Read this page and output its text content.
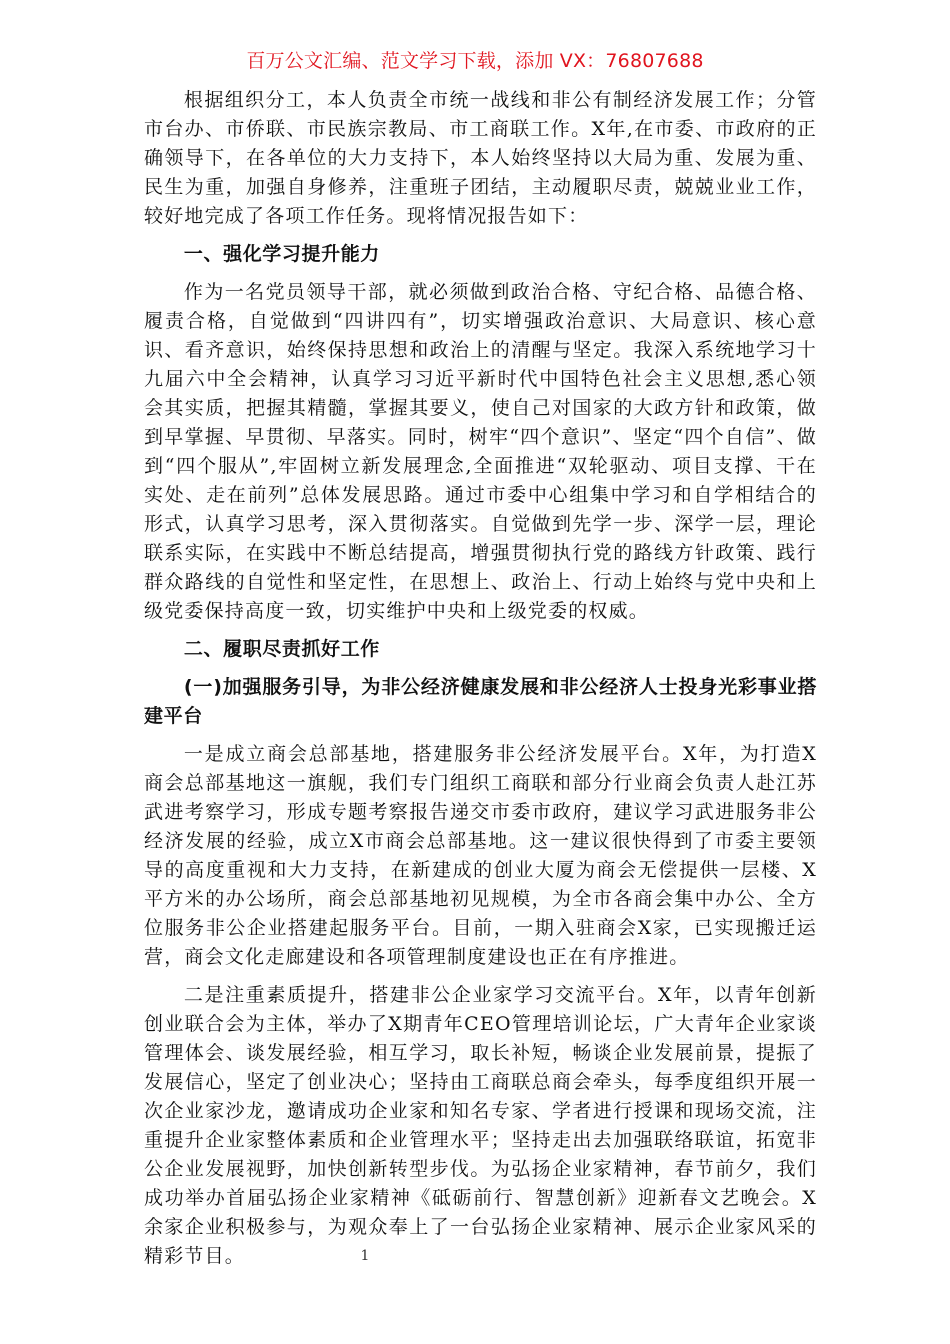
百万公文汇编、范文学习下载，添加 VX：76807688

根据组织分工，本人负责全市统一战线和非公有制经济发展工作；分管市台办、市侨联、市民族宗教局、市工商联工作。X年,在市委、市政府的正确领导下，在各单位的大力支持下，本人始终坚持以大局为重、发展为重、民生为重，加强自身修养，注重班子团结，主动履职尽责，兢兢业业工作，较好地完成了各项工作任务。现将情况报告如下：

一、强化学习提升能力

作为一名党员领导干部，就必须做到政治合格、守纪合格、品德合格、履责合格，自觉做到“四讲四有”，切实增强政治意识、大局意识、核心意识、看齐意识，始终保持思想和政治上的清醒与坚定。我深入系统地学习十九届六中全会精神，认真学习习近平新时代中国特色社会主义思想,悉心领会其实质，把握其精髓，掌握其要义，使自己对国家的大政方针和政策，做到早掌握、早贯彻、早落实。同时，树牢“四个意识”、坚定“四个自信”、做到“四个服从”,牢固树立新发展理念,全面推进“双轮驱动、项目支撑、干在实处、走在前列”总体发展思路。通过市委中心组集中学习和自学相结合的形式，认真学习思考，深入贯彻落实。自觉做到先学一步、深学一层，理论联系实际，在实践中不断总结提高，增强贯彻执行党的路线方针政策、践行群众路线的自觉性和坚定性，在思想上、政治上、行动上始终与党中央和上级党委保持高度一致，切实维护中央和上级党委的权威。

二、履职尽责抓好工作
(一)加强服务引导，为非公经济健康发展和非公经济人士投身光彩事业搭建平台

一是成立商会总部基地，搭建服务非公经济发展平台。X年，为打造X商会总部基地这一旗舰，我们专门组织工商联和部分行业商会负责人赴江苏武进考察学习，形成专题考察报告递交市委市政府，建议学习武进服务非公经济发展的经验，成立X市商会总部基地。这一建议很快得到了市委主要领导的高度重视和大力支持，在新建成的创业大厦为商会无偿提供一层楼、X平方米的办公场所，商会总部基地初见规模，为全市各商会集中办公、全方位服务非公企业搭建起服务平台。目前，一期入驻商会X家，已实现搬迁运营，商会文化走廊建设和各项管理制度建设也正在有序推进。

二是注重素质提升，搭建非公企业家学习交流平台。X年，以青年创新创业联合会为主体，举办了X期青年CEO管理培训论坛，广大青年企业家谈管理体会、谈发展经验，相互学习，取长补短，畅谈企业发展前景，提振了发展信心，坚定了创业决心；坚持由工商联总商会牵头，每季度组织开展一次企业家沙龙，邀请成功企业家和知名专家、学者进行授课和现场交流，注重提升企业家整体素质和企业管理水平；坚持走出去加强联络联谊，拓宽非公企业发展视野，加快创新转型步伐。为弘扬企业家精神，春节前夕，我们成功举办首届弘扬企业家精神《砥砺前行、智慧创新》迎新春文艺晚会。X余家企业积极参与，为观众奉上了一台弘扬企业家精神、展示企业家风采的精彩节目。	1
